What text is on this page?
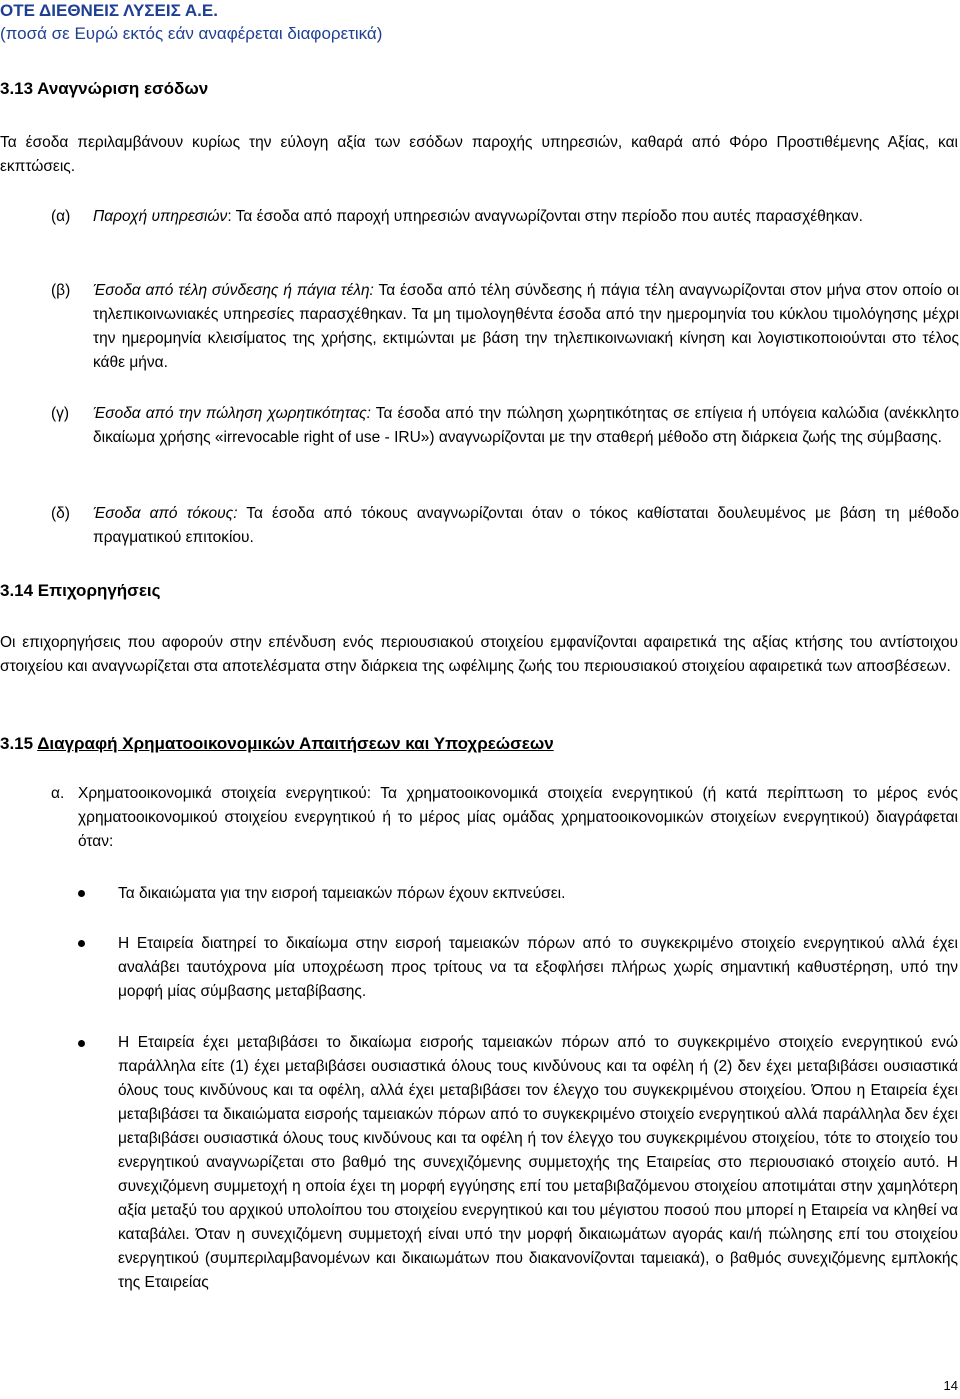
ΟΤΕ ΔΙΕΘΝΕΙΣ ΛΥΣΕΙΣ Α.Ε.
(ποσά σε Ευρώ εκτός εάν αναφέρεται διαφορετικά)
3.13 Αναγνώριση εσόδων
Τα έσοδα περιλαμβάνουν κυρίως την εύλογη αξία των εσόδων παροχής υπηρεσιών, καθαρά από Φόρο Προστιθέμενης Αξίας, και εκπτώσεις.
(α) Παροχή υπηρεσιών: Τα έσοδα από παροχή υπηρεσιών αναγνωρίζονται στην περίοδο που αυτές παρασχέθηκαν.
(β) Έσοδα από τέλη σύνδεσης ή πάγια τέλη: Τα έσοδα από τέλη σύνδεσης ή πάγια τέλη αναγνωρίζονται στον μήνα στον οποίο οι τηλεπικοινωνιακές υπηρεσίες παρασχέθηκαν. Τα μη τιμολογηθέντα έσοδα από την ημερομηνία του κύκλου τιμολόγησης μέχρι την ημερομηνία κλεισίματος της χρήσης, εκτιμώνται με βάση την τηλεπικοινωνιακή κίνηση και λογιστικοποιούνται στο τέλος κάθε μήνα.
(γ) Έσοδα από την πώληση χωρητικότητας: Τα έσοδα από την πώληση χωρητικότητας σε επίγεια ή υπόγεια καλώδια (ανέκκλητο δικαίωμα χρήσης «irrevocable right of use - IRU») αναγνωρίζονται με την σταθερή μέθοδο στη διάρκεια ζωής της σύμβασης.
(δ) Έσοδα από τόκους: Τα έσοδα από τόκους αναγνωρίζονται όταν ο τόκος καθίσταται δουλευμένος με βάση τη μέθοδο πραγματικού επιτοκίου.
3.14 Επιχορηγήσεις
Οι επιχορηγήσεις που αφορούν στην επένδυση ενός περιουσιακού στοιχείου εμφανίζονται αφαιρετικά της αξίας κτήσης του αντίστοιχου στοιχείου και αναγνωρίζεται στα αποτελέσματα στην διάρκεια της ωφέλιμης ζωής του περιουσιακού στοιχείου αφαιρετικά των αποσβέσεων.
3.15 Διαγραφή Χρηματοοικονομικών Απαιτήσεων και Υποχρεώσεων
α. Χρηματοοικονομικά στοιχεία ενεργητικού: Τα χρηματοοικονομικά στοιχεία ενεργητικού (ή κατά περίπτωση το μέρος ενός χρηματοοικονομικού στοιχείου ενεργητικού ή το μέρος μίας ομάδας χρηματοοικονομικών στοιχείων ενεργητικού) διαγράφεται όταν:
Τα δικαιώματα για την εισροή ταμειακών πόρων έχουν εκπνεύσει.
Η Εταιρεία διατηρεί το δικαίωμα στην εισροή ταμειακών πόρων από το συγκεκριμένο στοιχείο ενεργητικού αλλά έχει αναλάβει ταυτόχρονα μία υποχρέωση προς τρίτους να τα εξοφλήσει πλήρως χωρίς σημαντική καθυστέρηση, υπό την μορφή μίας σύμβασης μεταβίβασης.
Η Εταιρεία έχει μεταβιβάσει το δικαίωμα εισροής ταμειακών πόρων από το συγκεκριμένο στοιχείο ενεργητικού ενώ παράλληλα είτε (1) έχει μεταβιβάσει ουσιαστικά όλους τους κινδύνους και τα οφέλη ή (2) δεν έχει μεταβιβάσει ουσιαστικά όλους τους κινδύνους και τα οφέλη, αλλά έχει μεταβιβάσει τον έλεγχο του συγκεκριμένου στοιχείου. Όπου η Εταιρεία έχει μεταβιβάσει τα δικαιώματα εισροής ταμειακών πόρων από το συγκεκριμένο στοιχείο ενεργητικού αλλά παράλληλα δεν έχει μεταβιβάσει ουσιαστικά όλους τους κινδύνους και τα οφέλη ή τον έλεγχο του συγκεκριμένου στοιχείου, τότε το στοιχείο του ενεργητικού αναγνωρίζεται στο βαθμό της συνεχιζόμενης συμμετοχής της Εταιρείας στο περιουσιακό στοιχείο αυτό. Η συνεχιζόμενη συμμετοχή η οποία έχει τη μορφή εγγύησης επί του μεταβιβαζόμενου στοιχείου αποτιμάται στην χαμηλότερη αξία μεταξύ του αρχικού υπολοίπου του στοιχείου ενεργητικού και του μέγιστου ποσού που μπορεί η Εταιρεία να κληθεί να καταβάλει. Όταν η συνεχιζόμενη συμμετοχή είναι υπό την μορφή δικαιωμάτων αγοράς και/ή πώλησης επί του στοιχείου ενεργητικού (συμπεριλαμβανομένων και δικαιωμάτων που διακανονίζονται ταμειακά), ο βαθμός συνεχιζόμενης εμπλοκής της Εταιρείας
14
